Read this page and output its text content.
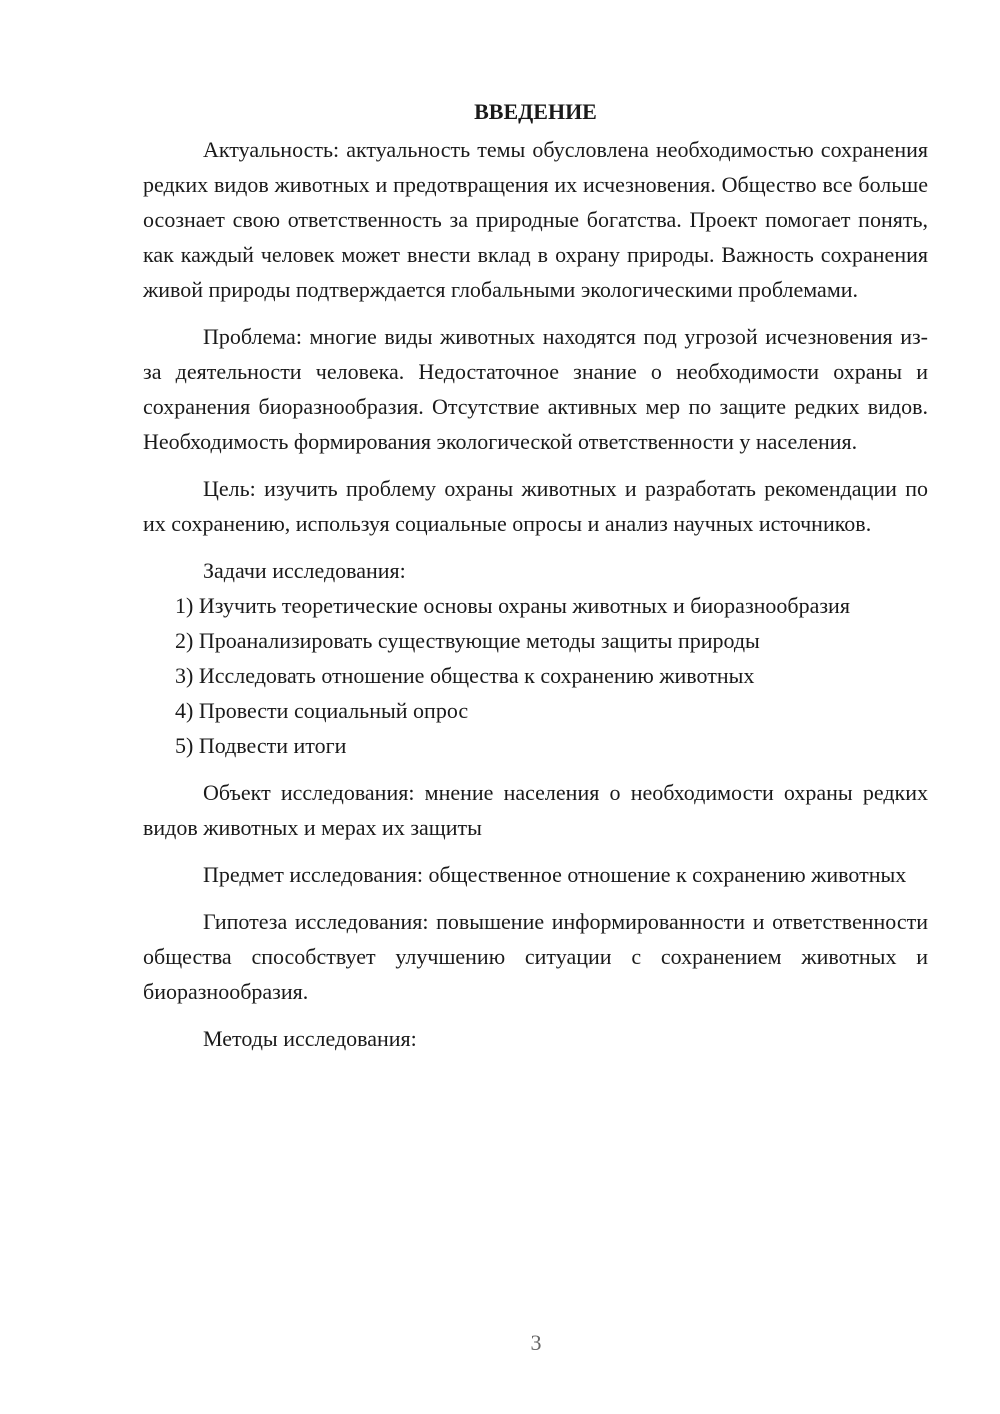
ВВЕДЕНИЕ

Актуальность: актуальность темы обусловлена необходимостью сохранения редких видов животных и предотвращения их исчезновения. Общество все больше осознает свою ответственность за природные богатства. Проект помогает понять, как каждый человек может внести вклад в охрану природы. Важность сохранения живой природы подтверждается глобальными экологическими проблемами.

Проблема: многие виды животных находятся под угрозой исчезновения из-за деятельности человека. Недостаточное знание о необходимости охраны и сохранения биоразнообразия. Отсутствие активных мер по защите редких видов. Необходимость формирования экологической ответственности у населения.

Цель: изучить проблему охраны животных и разработать рекомендации по их сохранению, используя социальные опросы и анализ научных источников.

Задачи исследования:

1) Изучить теоретические основы охраны животных и биоразнообразия

2) Проанализировать существующие методы защиты природы

3) Исследовать отношение общества к сохранению животных

4) Провести социальный опрос

5) Подвести итоги

Объект исследования: мнение населения о необходимости охраны редких видов животных и мерах их защиты

Предмет исследования: общественное отношение к сохранению животных

Гипотеза исследования: повышение информированности и ответственности общества способствует улучшению ситуации с сохранением животных и биоразнообразия.

Методы исследования:

3
